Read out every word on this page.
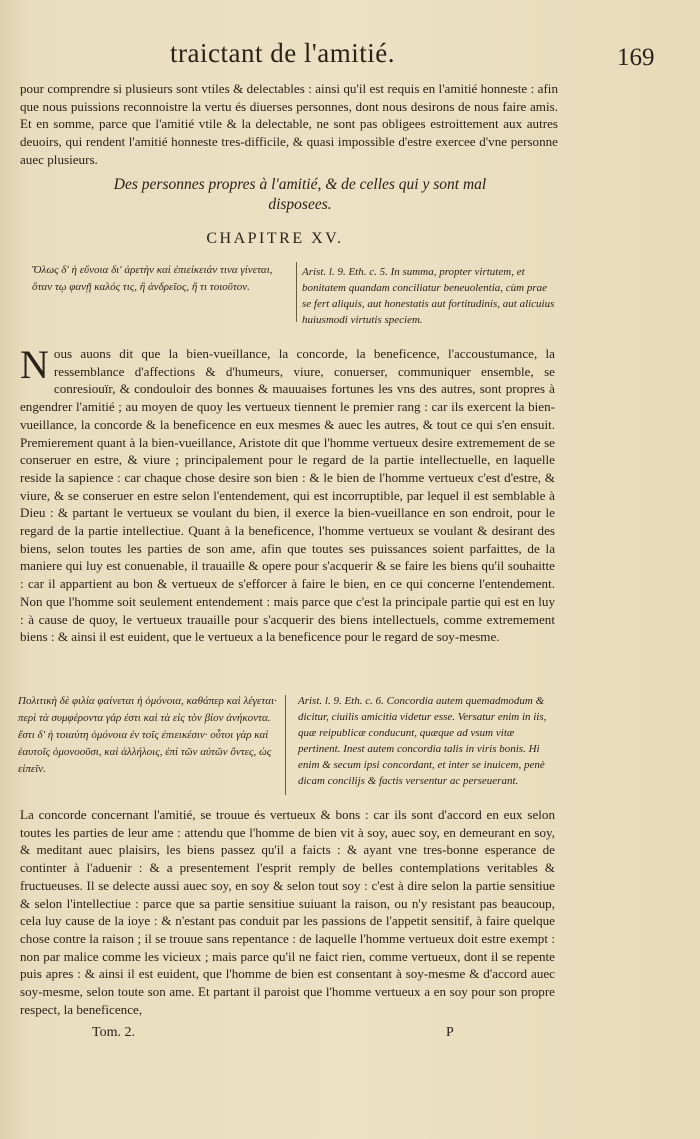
traictant de l'amitié.	169

pour comprendre si plusieurs sont vtiles & delectables : ainsi qu'il est requis en l'amitié honneste : afin que nous puissions reconnoistre la vertu és diuerses personnes, dont nous desirons de nous faire amis. Et en somme, parce que l'amitié vtile & la delectable, ne sont pas obligees estroittement aux autres deuoirs, qui rendent l'amitié honneste tres-difficile, & quasi impossible d'estre exercee d'vne personne auec plusieurs.

Des personnes propres à l'amitié, & de celles qui y sont mal disposees.

CHAPITRE XV.
Ὅλως δ' ἡ εὔνοια δι' ἀρετὴν καὶ ἐπιείκειάν τινα γίνεται, ὅταν τῳ φανῇ καλός τις, ἢ ἀνδρεῖος, ἤ τι τοιοῦτον.
Arist. l. 9. Eth. c. 5. In summa, propter virtutem, et bonitatem quandam conciliatur beneuolentia, cùm prae se fert aliquis, aut honestatis aut fortitudinis, aut alicuius huiusmodi virtutis speciem.
N ous auons dit que la bien-vueillance, la concorde, la beneficence, l'accoustumance, la ressemblance d'affections & d'humeurs, viure, conuerser, communiquer ensemble, se conresiouïr, & condouloir des bonnes & mauuaises fortunes les vns des autres, sont propres à engendrer l'amitié ; au moyen de quoy les vertueux tiennent le premier rang : car ils exercent la bien-vueillance, la concorde & la beneficence en eux mesmes & auec les autres, & tout ce qui s'en ensuit. Premierement quant à la bien-vueillance, Aristote dit que l'homme vertueux desire extremement de se conseruer en estre, & viure ; principalement pour le regard de la partie intellectuelle, en laquelle reside la sapience : car chaque chose desire son bien : & le bien de l'homme vertueux c'est d'estre, & viure, & se conseruer en estre selon l'entendement, qui est incorruptible, par lequel il est semblable à Dieu : & partant le vertueux se voulant du bien, il exerce la bien-vueillance en son endroit, pour le regard de la partie intellectiue. Quant à la beneficence, l'homme vertueux se voulant & desirant des biens, selon toutes les parties de son ame, afin que toutes ses puissances soient parfaittes, de la maniere qui luy est conuenable, il trauaille & opere pour s'acquerir & se faire les biens qu'il souhaitte : car il appartient au bon & vertueux de s'efforcer à faire le bien, en ce qui concerne l'entendement. Non que l'homme soit seulement entendement : mais parce que c'est la principale partie qui est en luy : à cause de quoy, le vertueux trauaille pour s'acquerir des biens intellectuels, comme extremement biens : & ainsi il est euident, que le vertueux a la beneficence pour le regard de soy-mesme.
Πολιτικὴ δὲ φιλία φαίνεται ἡ ὁμόνοια, καθάπερ καὶ λέγεται· περὶ τὰ συμφέροντα γάρ ἐστι καὶ τὰ εἰς τὸν βίον ἀνήκοντα. ἔστι δ' ἡ τοιαύτη ὁμόνοια ἐν τοῖς ἐπιεικέσιν· οὗτοι γὰρ καὶ ἑαυτοῖς ὁμονοοῦσι, καὶ ἀλλήλοις, ἐπὶ τῶν αὐτῶν ὄντες, ὡς εἰπεῖν.
Arist. l. 9. Eth. c. 6. Concordia autem quemadmodum & dicitur, ciuilis amicitia videtur esse. Versatur enim in iis, quæ reipublicæ conducunt, quæque ad vsum vitæ pertinent. Inest autem concordia talis in viris bonis. Hi enim & secum ipsi concordant, et inter se inuicem, penè dicam concilijs & factis versentur ac perseuerant.

La concorde concernant l'amitié, se trouue és vertueux & bons : car ils sont d'accord en eux selon toutes les parties de leur ame : attendu que l'homme de bien vit à soy, auec soy, en demeurant en soy, & meditant auec plaisirs, les biens passez qu'il a faicts : & ayant vne tres-bonne esperance de continter à l'aduenir : & a presentement l'esprit remply de belles contemplations veritables & fructueuses. Il se delecte aussi auec soy, en soy & selon tout soy : c'est à dire selon la partie sensitiue & selon l'intellectiue : parce que sa partie sensitiue suiuant la raison, ou n'y resistant pas beaucoup, cela luy cause de la ioye : & n'estant pas conduit par les passions de l'appetit sensitif, à faire quelque chose contre la raison ; il se trouue sans repentance : de laquelle l'homme vertueux doit estre exempt : non par malice comme les vicieux ; mais parce qu'il ne faict rien, comme vertueux, dont il se repente puis apres : & ainsi il est euident, que l'homme de bien est consentant à soy-mesme & d'accord auec soy-mesme, selon toute son ame. Et partant il paroist que l'homme vertueux a en soy pour son propre respect, la beneficence,

Tom. 2.	P
